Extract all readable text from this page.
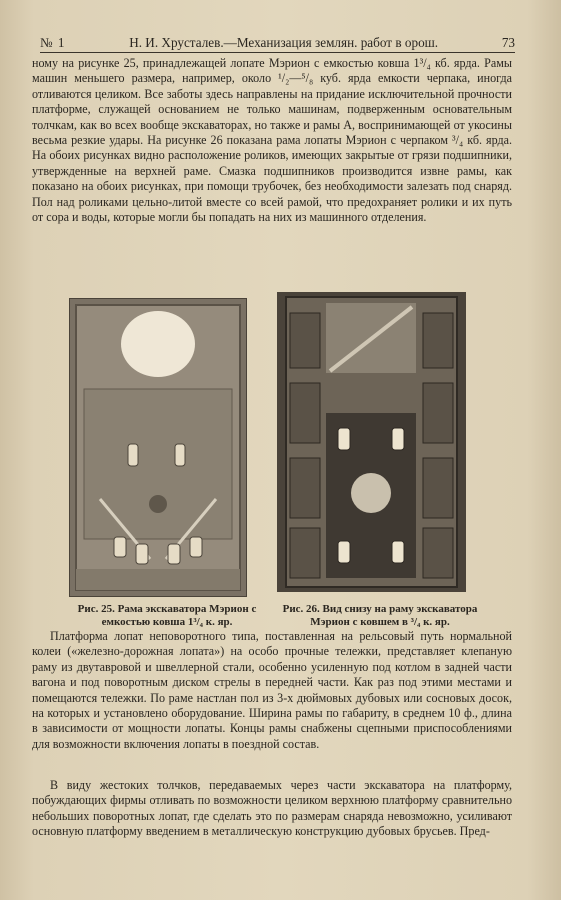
№ 1	Н. И. Хрусталев.—Механизация землян. работ в орош.	73

ному на рисунке 25, принадлежащей лопате Мэрион с емкостью ковша 1³/₄ кб. ярда. Рамы машин меньшего размера, например, около ¹/₂—⁵/₈ куб. ярда емкости черпака, иногда отливаются целиком. Все заботы здесь направлены на придание исключительной прочности платформе, служащей основанием не только машинам, подверженным основательным толчкам, как во всех вообще экскаваторах, но также и рамы А, воспринимающей от укосины весьма резкие удары. На рисунке 26 показана рама лопаты Мэрион с черпаком ³/₄ кб. ярда. На обоих рисунках видно расположение роликов, имеющих закрытые от грязи подшипники, утвержденные на верхней раме. Смазка подшипников производится извне рамы, как показано на обоих рисунках, при помощи трубочек, без необходимости залезать под снаряд. Пол над роликами цельно-литой вместе со всей рамой, что предохраняет ролики и их путь от сора и воды, которые могли бы попадать на них из машинного отделения.

Рис. 25. Рама экскаватора Мэрион с емкостью ковша 1³/₄ к. яр.
Рис. 26. Вид снизу на раму экскаватора Мэрион с ковшем в ³/₄ к. яр.

Платформа лопат неповоротного типа, поставленная на рельсовый путь нормальной колеи («железно-дорожная лопата») на особо прочные тележки, представляет клепаную раму из двутавровой и швеллерной стали, особенно усиленную под котлом в задней части вагона и под поворотным диском стрелы в передней части. Как раз под этими местами и помещаются тележки. По раме настлан пол из 3-х дюймовых дубовых или сосновых досок, на которых и установлено оборудование. Ширина рамы по габариту, в среднем 10 ф., длина в зависимости от мощности лопаты. Концы рамы снабжены сцепными приспособлениями для возможности включения лопаты в поездной состав.

В виду жестоких толчков, передаваемых через части экскаватора на платформу, побуждающих фирмы отливать по возможности целиком верхнюю платформу сравнительно небольших поворотных лопат, где сделать это по размерам снаряда невозможно, усиливают основную платформу введением в металлическую конструкцию дубовых брусьев. Пред-
